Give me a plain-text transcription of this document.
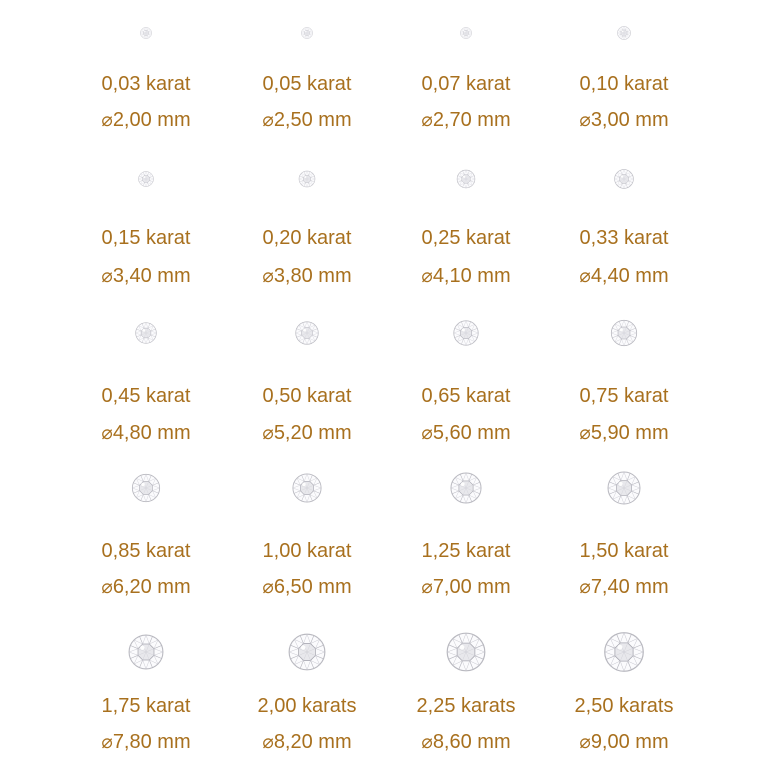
0,03 karat
⌀2,00 mm
0,05 karat
⌀2,50 mm
0,07 karat
⌀2,70 mm
0,10 karat
⌀3,00 mm
0,15 karat
⌀3,40 mm
0,20 karat
⌀3,80 mm
0,25 karat
⌀4,10 mm
0,33 karat
⌀4,40 mm
0,45 karat
⌀4,80 mm
0,50 karat
⌀5,20 mm
0,65 karat
⌀5,60 mm
0,75 karat
⌀5,90 mm
0,85 karat
⌀6,20 mm
1,00 karat
⌀6,50 mm
1,25 karat
⌀7,00 mm
1,50 karat
⌀7,40 mm
1,75 karat
⌀7,80 mm
2,00 karats
⌀8,20 mm
2,25 karats
⌀8,60 mm
2,50 karats
⌀9,00 mm
